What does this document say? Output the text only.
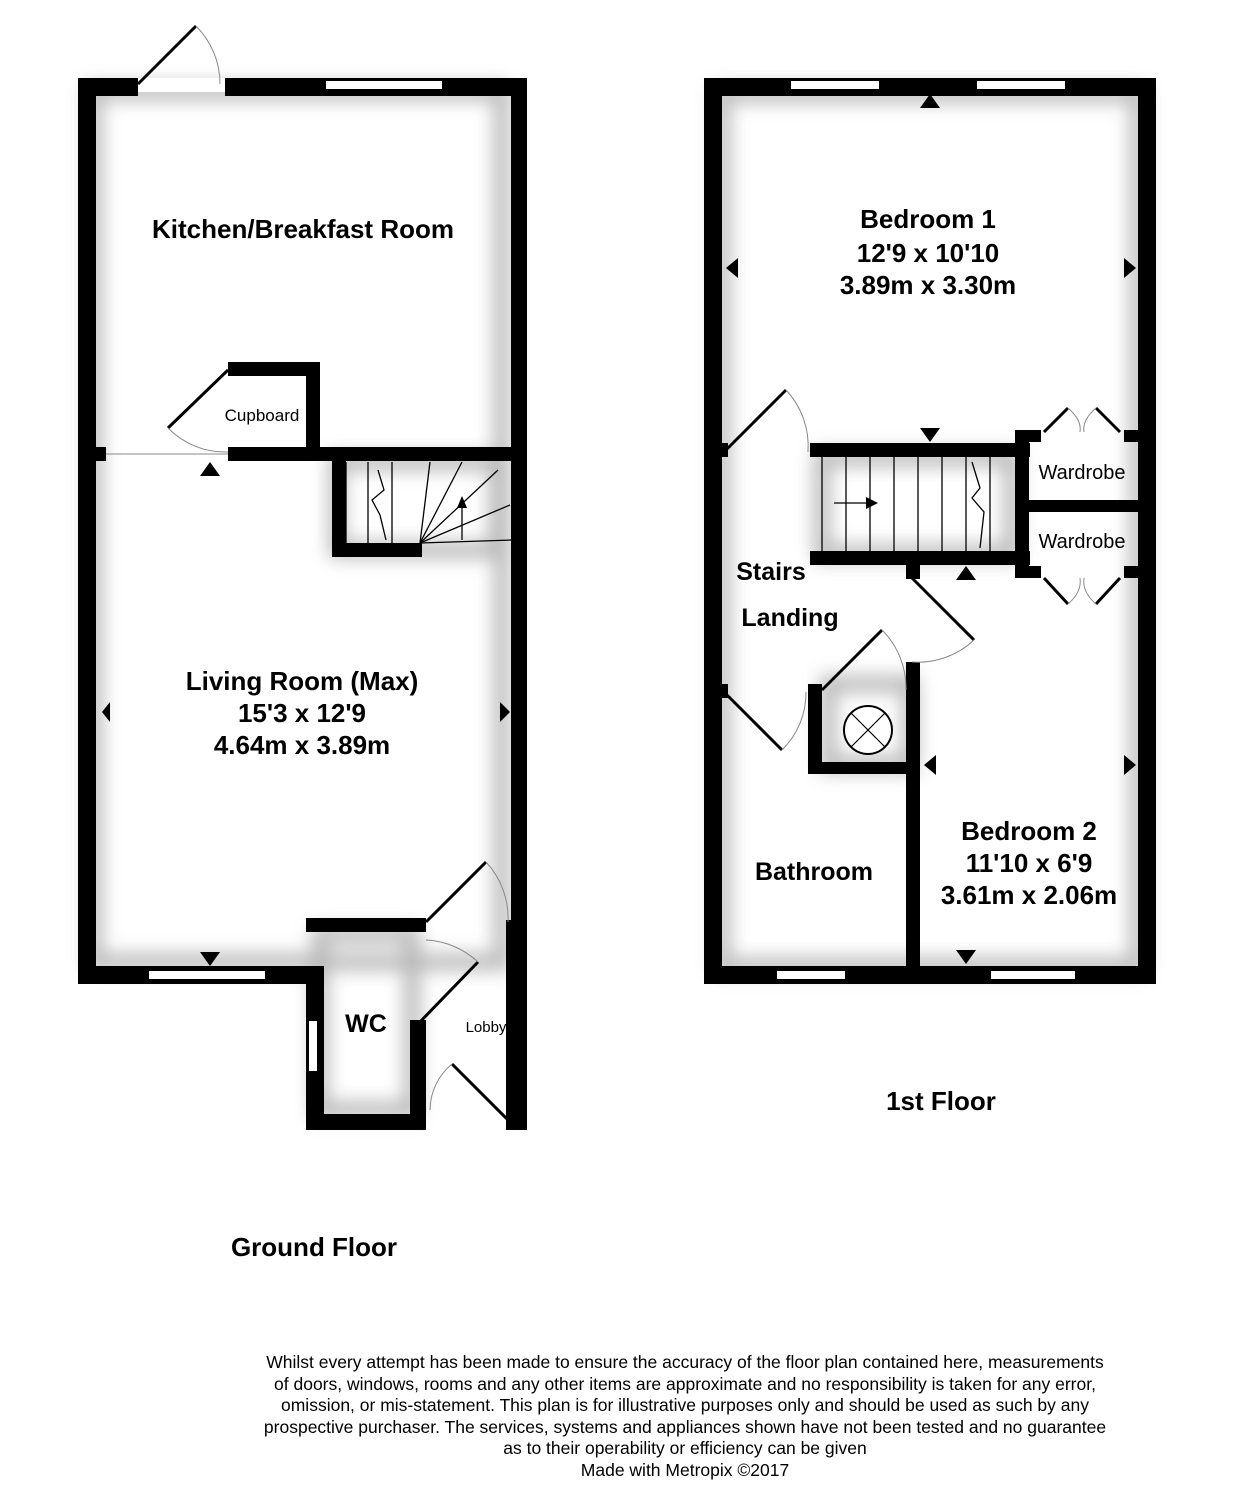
Kitchen/Breakfast Room
Cupboard
Living Room (Max)
15'3 x 12'9
4.64m x 3.89m
WC	Lobby
Ground Floor
Bedroom 1
12'9 x 10'10
3.89m x 3.30m
Wardrobe
Wardrobe
Stairs
Landing
Bathroom
Bedroom 2
11'10 x 6'9
3.61m x 2.06m
1st Floor
Whilst every attempt has been made to ensure the accuracy of the floor plan contained here, measurements
of doors, windows, rooms and any other items are approximate and no responsibility is taken for any error,
omission, or mis-statement. This plan is for illustrative purposes only and should be used as such by any
prospective purchaser. The services, systems and appliances shown have not been tested and no guarantee
as to their operability or efficiency can be given
Made with Metropix ©2017
